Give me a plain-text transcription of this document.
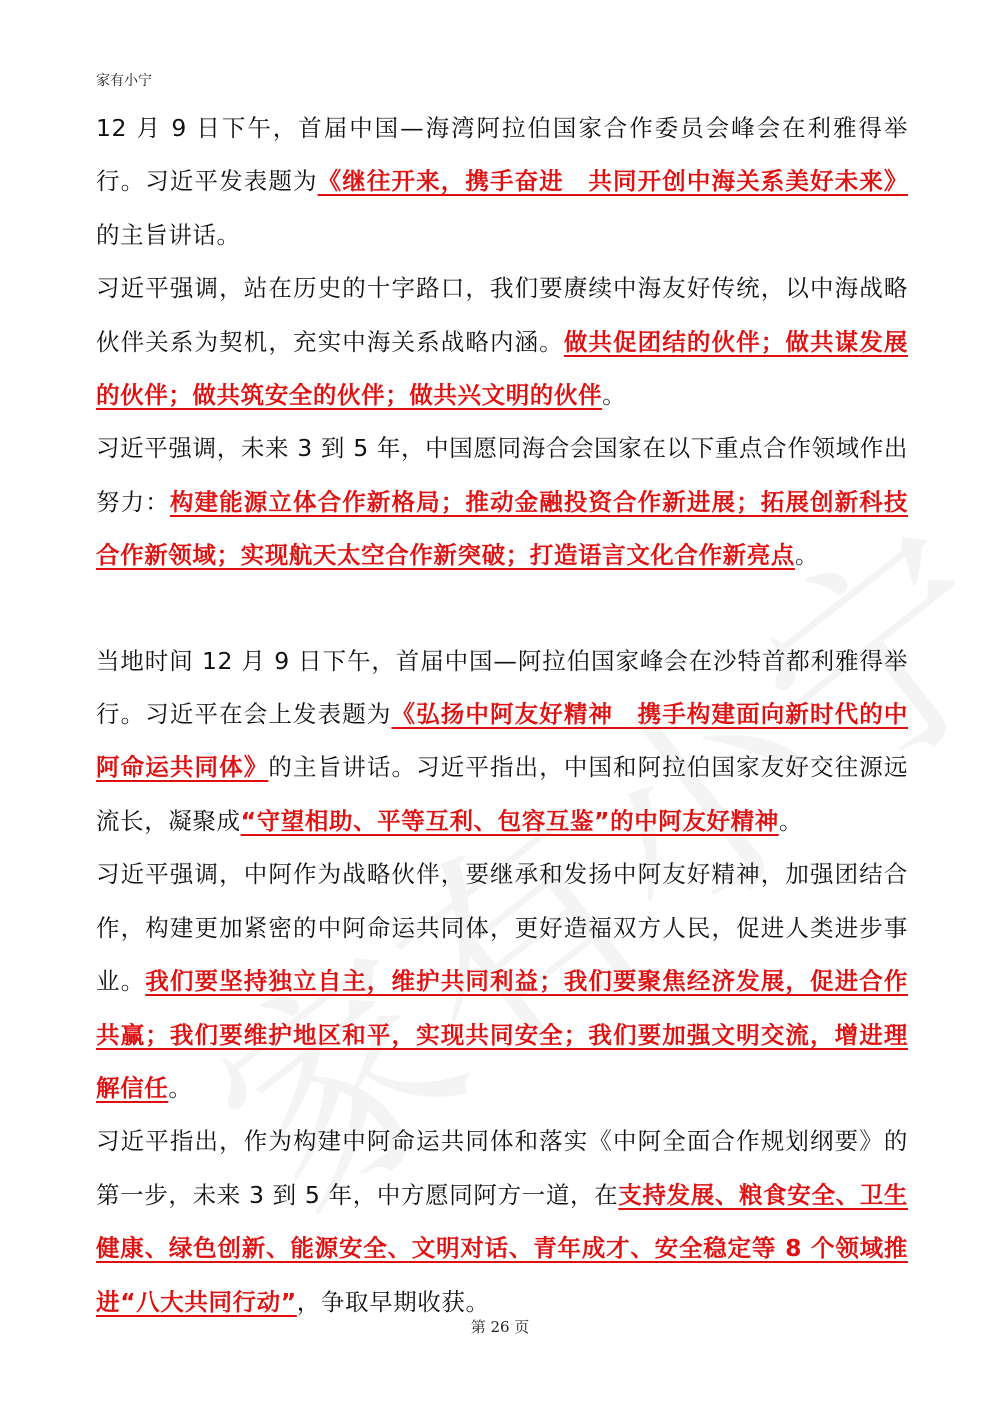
家有小宁

12 月 9 日下午，首届中国—海湾阿拉伯国家合作委员会峰会在利雅得举行。习近平发表题为《继往开来，携手奋进　共同开创中海关系美好未来》的主旨讲话。

习近平强调，站在历史的十字路口，我们要赓续中海友好传统，以中海战略伙伴关系为契机，充实中海关系战略内涵。做共促团结的伙伴；做共谋发展的伙伴；做共筑安全的伙伴；做共兴文明的伙伴。

习近平强调，未来 3 到 5 年，中国愿同海合会国家在以下重点合作领域作出努力：构建能源立体合作新格局；推动金融投资合作新进展；拓展创新科技合作新领域；实现航天太空合作新突破；打造语言文化合作新亮点。

当地时间 12 月 9 日下午，首届中国—阿拉伯国家峰会在沙特首都利雅得举行。习近平在会上发表题为《弘扬中阿友好精神　携手构建面向新时代的中阿命运共同体》的主旨讲话。习近平指出，中国和阿拉伯国家友好交往源远流长，凝聚成“守望相助、平等互利、包容互鉴”的中阿友好精神。

习近平强调，中阿作为战略伙伴，要继承和发扬中阿友好精神，加强团结合作，构建更加紧密的中阿命运共同体，更好造福双方人民，促进人类进步事业。我们要坚持独立自主，维护共同利益；我们要聚焦经济发展，促进合作共赢；我们要维护地区和平，实现共同安全；我们要加强文明交流，增进理解信任。

习近平指出，作为构建中阿命运共同体和落实《中阿全面合作规划纲要》的第一步，未来 3 到 5 年，中方愿同阿方一道，在支持发展、粮食安全、卫生健康、绿色创新、能源安全、文明对话、青年成才、安全稳定等 8 个领域推进“八大共同行动”，争取早期收获。

第 26 页
